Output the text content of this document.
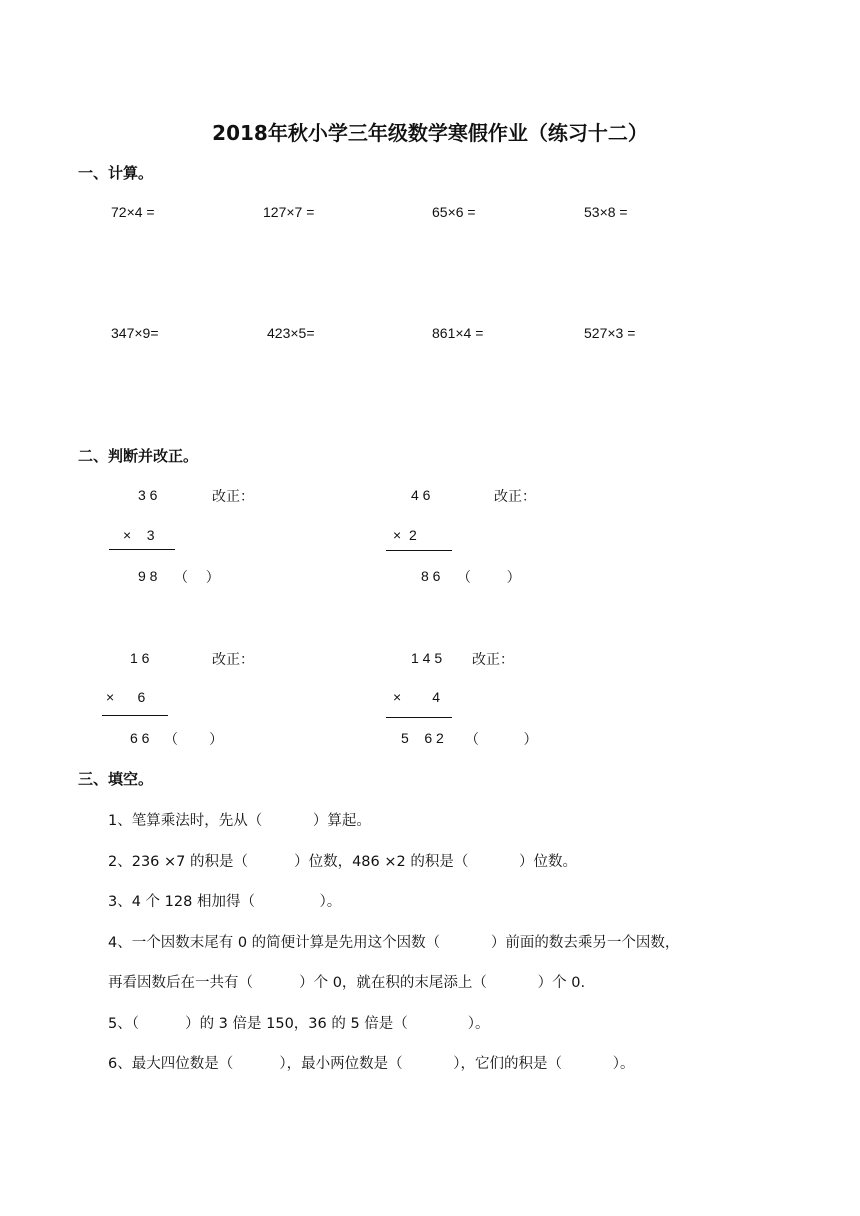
2018年秋小学三年级数学寒假作业（练习十二）
一、计算。
72×4 =	127×7 =	65×6 =	53×8 =
347×9=	423×5=	861×4 =	527×3 =
二、判断并改正。
3 6	改正：
×    3
9 8 （    ）
4 6	改正：
×  2
8 6 （        ）
1 6	改正：
×      6
6 6 （       ）
1 4 5 改正：
×        4
5    6 2 （          ）
三、填空。
1、笔算乘法时，先从（           ）算起。
2、236 ×7 的积是（          ）位数，486 ×2 的积是（           ）位数。
3、4 个 128 相加得（              ）。
4、一个因数末尾有 0 的简便计算是先用这个因数（           ）前面的数去乘另一个因数，
再看因数后在一共有（          ）个 0，就在积的末尾添上（           ）个 0.
5、（          ）的 3 倍是 150，36 的 5 倍是（             ）。
6、最大四位数是（          ），最小两位数是（           ），它们的积是（           ）。
